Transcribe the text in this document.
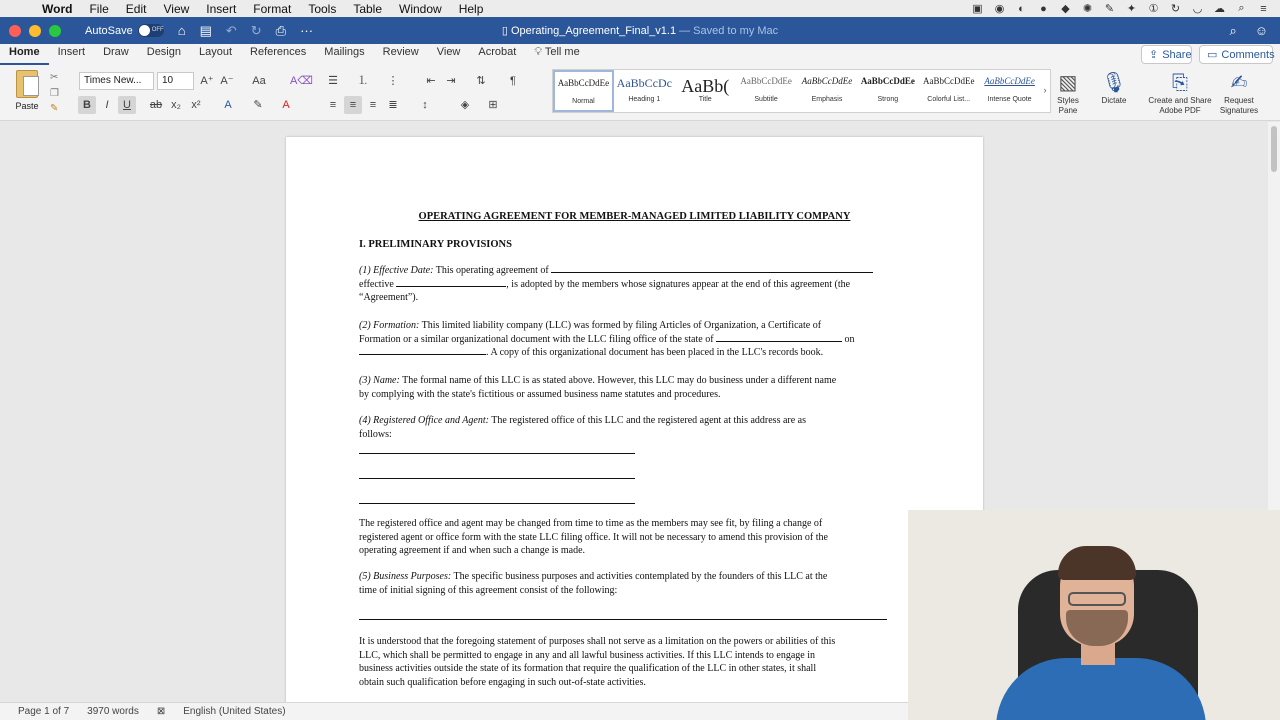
Word File Edit View Insert Format Tools Table Window Help	▣ ◉ ◐ ● ◆ ✺ ✎ ✦ ① ↻ ◡ ☁	⌕	≡
AutoSave	OFF ⌂ ▤ ↶ ↻ ⎙ ···	▯ Operating_Agreement_Final_v1.1 — Saved to my Mac	⌕ ☺
Home	Insert	Draw	Design	Layout	References	Mailings	Review	View	Acrobat	💡︎ Tell me	⇪ Share ▭ Comments
Paste
✂
❐
✎
Times New...	10	A⁺ A⁻ Aa A⌫
B	I	U	ab x₂ x²	A	✎	A
☰	⒈	⋮	⇤ ⇥	⇅	¶
≡	≡	≡	≣	↕	◈	⊞
AaBbCcDdEe
Normal
AaBbCcDc
Heading 1
AaBb(
Title
AaBbCcDdEe
Subtitle
AaBbCcDdEe
Emphasis
AaBbCcDdEe
Strong
AaBbCcDdEe
Colorful List...
AaBbCcDdEe
Intense Quote
› ▧
Styles Pane
🎙︎
Dictate
⎘
Create and Share Adobe PDF
✍︎
Request Signatures
OPERATING AGREEMENT FOR MEMBER-MANAGED LIMITED LIABILITY COMPANY
I. PRELIMINARY PROVISIONS
(1) Effective Date: This operating agreement of
effective	, is adopted by the members whose signatures appear at the end of this agreement (the
“Agreement”).
(2) Formation: This limited liability company (LLC) was formed by filing Articles of Organization, a Certificate of
Formation or a similar organizational document with the LLC filing office of the state of	on
. A copy of this organizational document has been placed in the LLC's records book.
(3) Name: The formal name of this LLC is as stated above. However, this LLC may do business under a different name
by complying with the state's fictitious or assumed business name statutes and procedures.
(4) Registered Office and Agent: The registered office of this LLC and the registered agent at this address are as
follows:
The registered office and agent may be changed from time to time as the members may see fit, by filing a change of
registered agent or office form with the state LLC filing office. It will not be necessary to amend this provision of the
operating agreement if and when such a change is made.
(5) Business Purposes: The specific business purposes and activities contemplated by the founders of this LLC at the
time of initial signing of this agreement consist of the following:
It is understood that the foregoing statement of purposes shall not serve as a limitation on the powers or abilities of this
LLC, which shall be permitted to engage in any and all lawful business activities. If this LLC intends to engage in
business activities outside the state of its formation that require the qualification of the LLC in other states, it shall
obtain such qualification before engaging in such out-of-state activities.
Page 1 of 7 3970 words ⊠ English (United States)
